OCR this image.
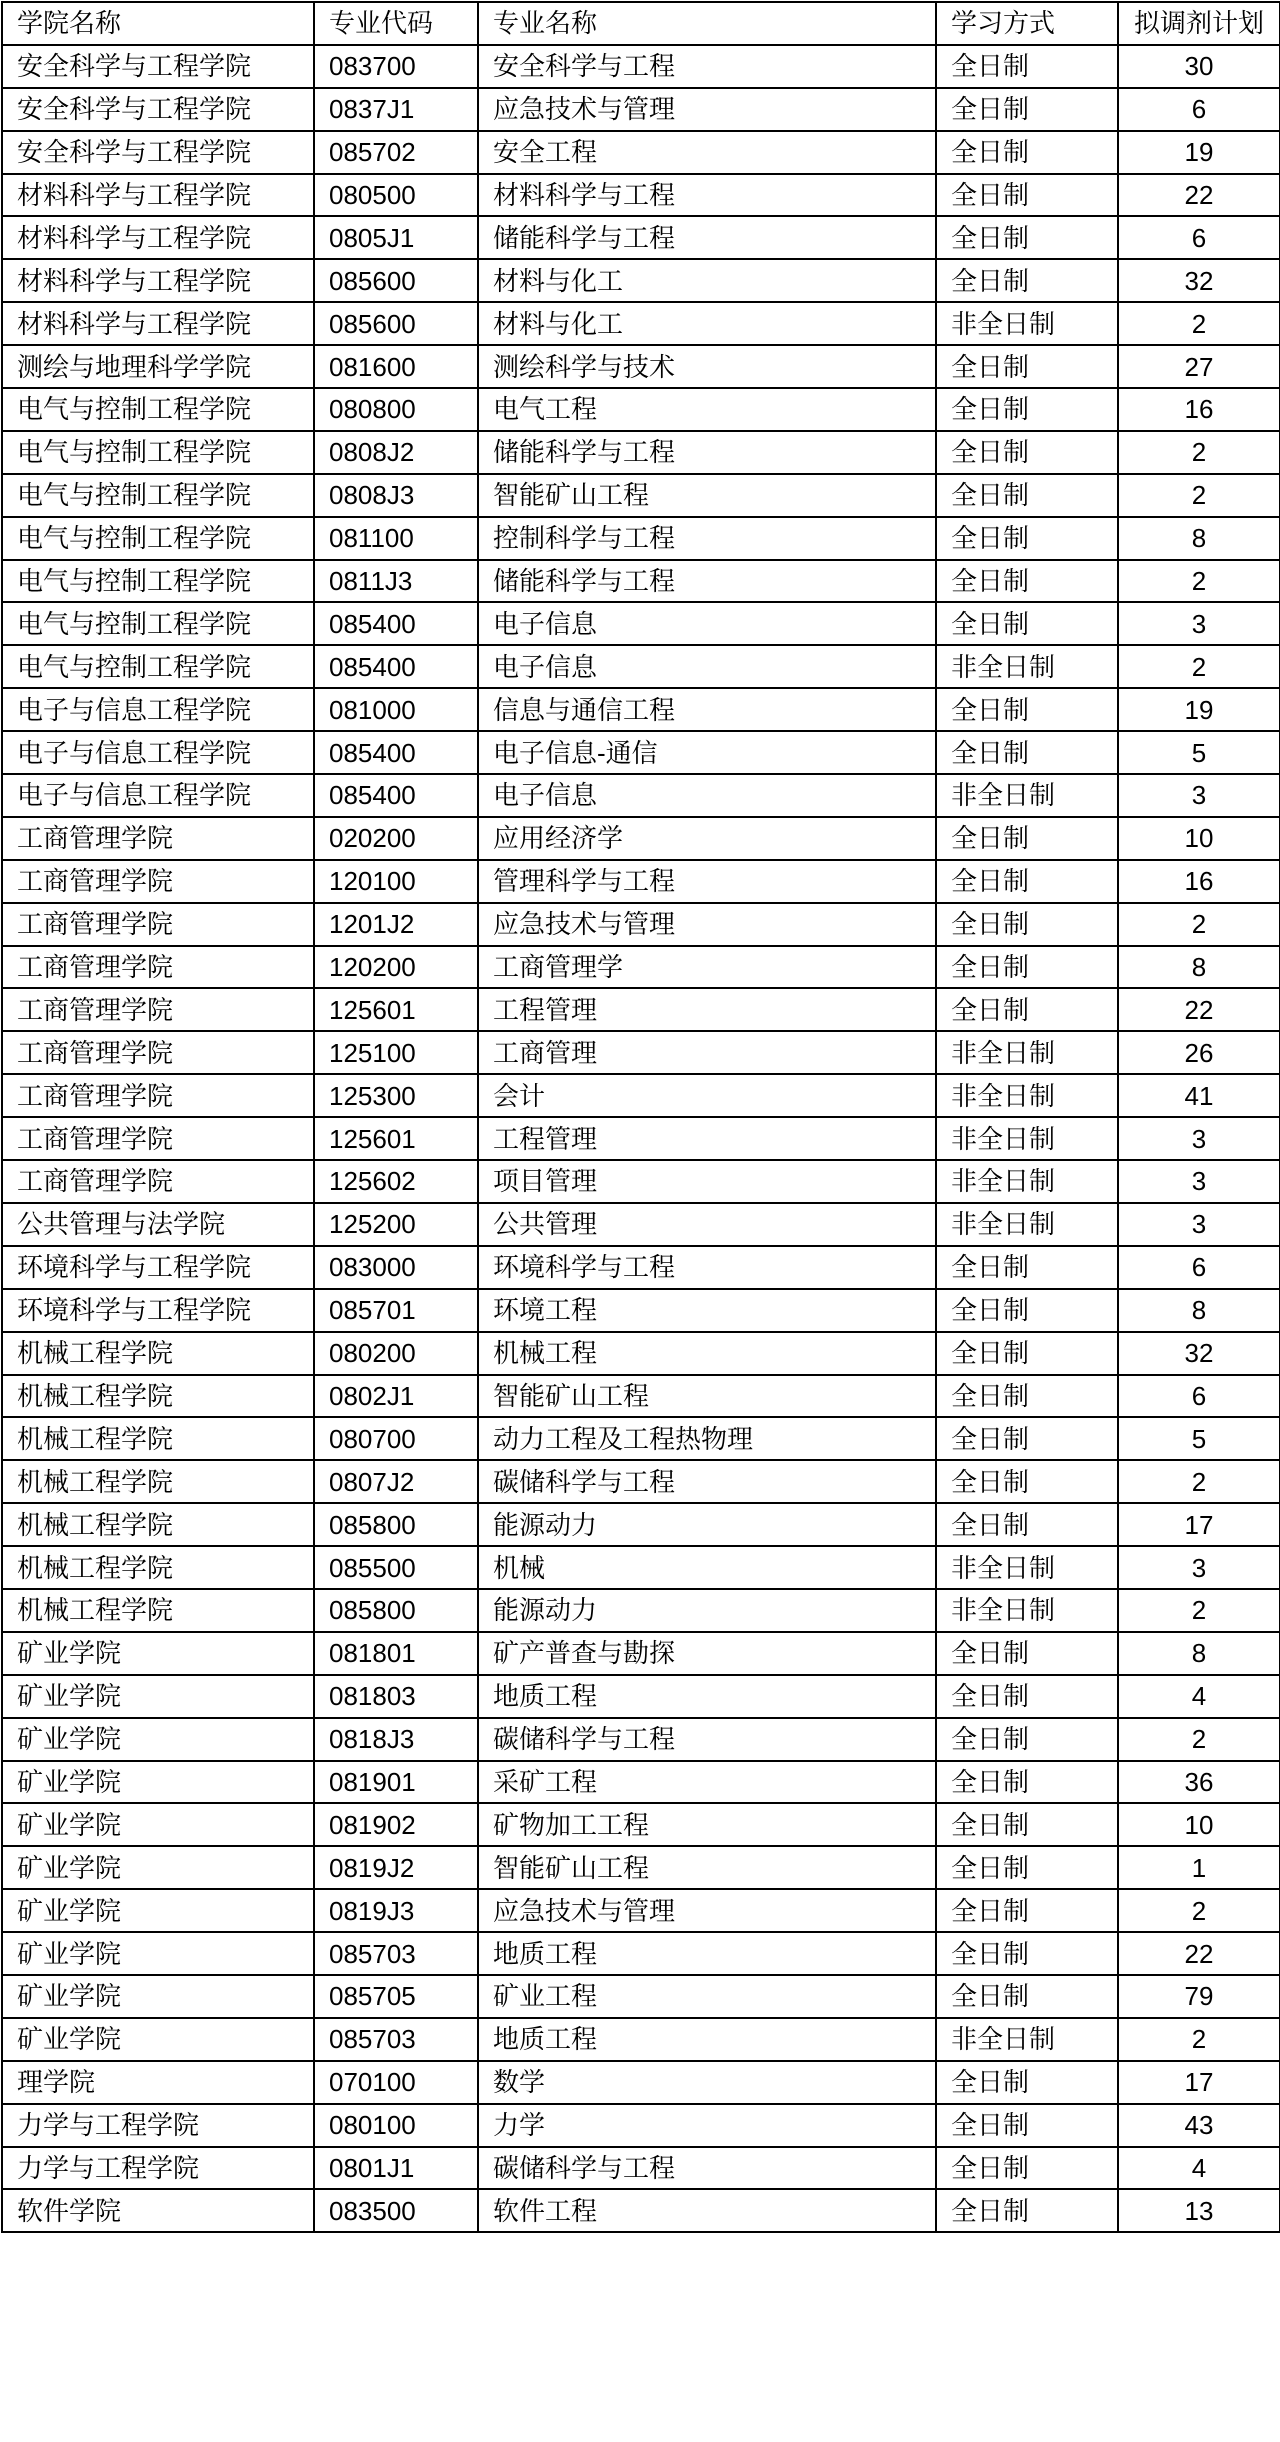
学院名称	专业代码	专业名称	学习方式	拟调剂计划
安全科学与工程学院	083700	安全科学与工程	全日制	30
安全科学与工程学院	0837J1	应急技术与管理	全日制	6
安全科学与工程学院	085702	安全工程	全日制	19
材料科学与工程学院	080500	材料科学与工程	全日制	22
材料科学与工程学院	0805J1	储能科学与工程	全日制	6
材料科学与工程学院	085600	材料与化工	全日制	32
材料科学与工程学院	085600	材料与化工	非全日制	2
测绘与地理科学学院	081600	测绘科学与技术	全日制	27
电气与控制工程学院	080800	电气工程	全日制	16
电气与控制工程学院	0808J2	储能科学与工程	全日制	2
电气与控制工程学院	0808J3	智能矿山工程	全日制	2
电气与控制工程学院	081100	控制科学与工程	全日制	8
电气与控制工程学院	0811J3	储能科学与工程	全日制	2
电气与控制工程学院	085400	电子信息	全日制	3
电气与控制工程学院	085400	电子信息	非全日制	2
电子与信息工程学院	081000	信息与通信工程	全日制	19
电子与信息工程学院	085400	电子信息-通信	全日制	5
电子与信息工程学院	085400	电子信息	非全日制	3
工商管理学院	020200	应用经济学	全日制	10
工商管理学院	120100	管理科学与工程	全日制	16
工商管理学院	1201J2	应急技术与管理	全日制	2
工商管理学院	120200	工商管理学	全日制	8
工商管理学院	125601	工程管理	全日制	22
工商管理学院	125100	工商管理	非全日制	26
工商管理学院	125300	会计	非全日制	41
工商管理学院	125601	工程管理	非全日制	3
工商管理学院	125602	项目管理	非全日制	3
公共管理与法学院	125200	公共管理	非全日制	3
环境科学与工程学院	083000	环境科学与工程	全日制	6
环境科学与工程学院	085701	环境工程	全日制	8
机械工程学院	080200	机械工程	全日制	32
机械工程学院	0802J1	智能矿山工程	全日制	6
机械工程学院	080700	动力工程及工程热物理	全日制	5
机械工程学院	0807J2	碳储科学与工程	全日制	2
机械工程学院	085800	能源动力	全日制	17
机械工程学院	085500	机械	非全日制	3
机械工程学院	085800	能源动力	非全日制	2
矿业学院	081801	矿产普查与勘探	全日制	8
矿业学院	081803	地质工程	全日制	4
矿业学院	0818J3	碳储科学与工程	全日制	2
矿业学院	081901	采矿工程	全日制	36
矿业学院	081902	矿物加工工程	全日制	10
矿业学院	0819J2	智能矿山工程	全日制	1
矿业学院	0819J3	应急技术与管理	全日制	2
矿业学院	085703	地质工程	全日制	22
矿业学院	085705	矿业工程	全日制	79
矿业学院	085703	地质工程	非全日制	2
理学院	070100	数学	全日制	17
力学与工程学院	080100	力学	全日制	43
力学与工程学院	0801J1	碳储科学与工程	全日制	4
软件学院	083500	软件工程	全日制	13
